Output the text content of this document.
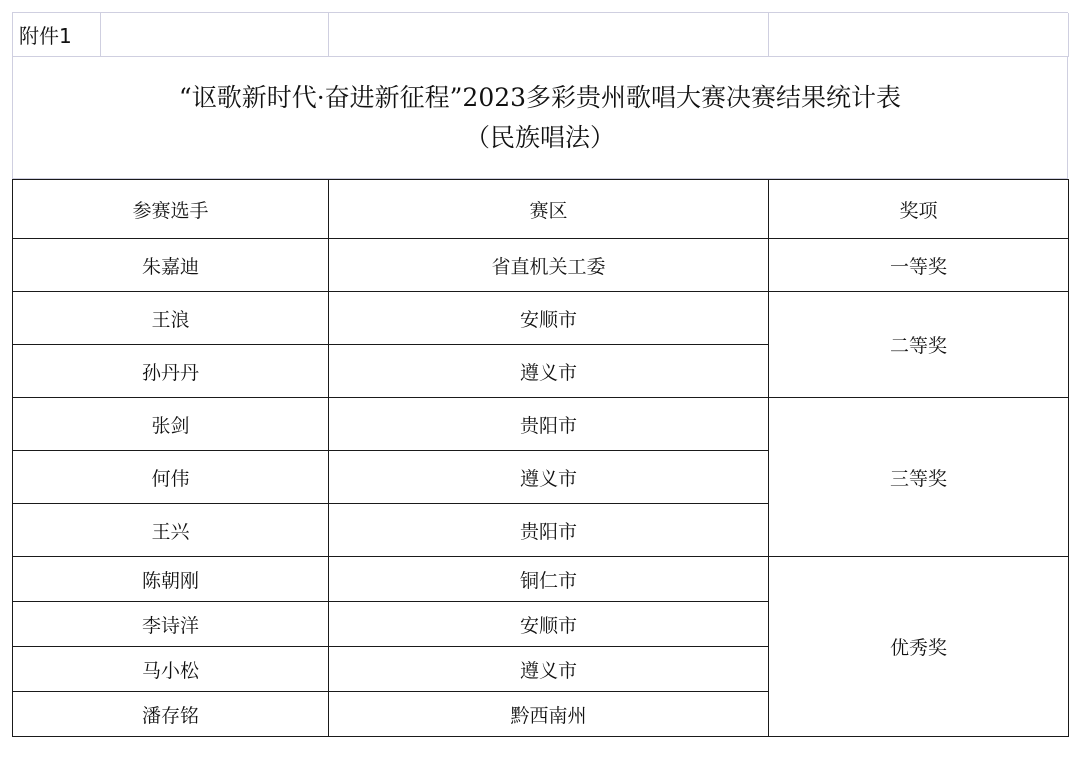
附件1
“讴歌新时代·奋进新征程”2023多彩贵州歌唱大赛决赛结果统计表
（民族唱法）
参赛选手	赛区	奖项
朱嘉迪	省直机关工委	一等奖
王浪	安顺市	二等奖
孙丹丹	遵义市	
张剑	贵阳市	三等奖
何伟	遵义市	
王兴	贵阳市	
陈朝刚	铜仁市	优秀奖
李诗洋	安顺市	
马小松	遵义市	
潘存铭	黔西南州	
